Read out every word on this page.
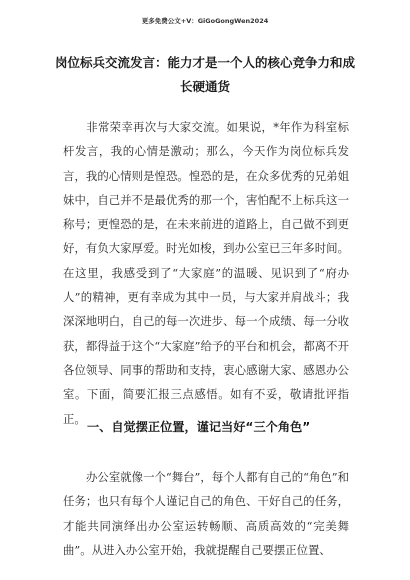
更多免费公文+V：GiGoGongWen2024
岗位标兵交流发言：能力才是一个人的核心竞争力和成长硬通货

非常荣幸再次与大家交流。如果说，*年作为科室标杆发言，我的心情是激动；那么，今天作为岗位标兵发言，我的心情则是惶恐。惶恐的是，在众多优秀的兄弟姐妹中，自己并不是最优秀的那一个，害怕配不上标兵这一称号；更惶恐的是，在未来前进的道路上，自己做不到更好，有负大家厚爱。时光如梭，到办公室已三年多时间。在这里，我感受到了“大家庭”的温暖、见识到了“府办人”的精神，更有幸成为其中一员，与大家并肩战斗；我深深地明白，自己的每一次进步、每一个成绩、每一分收获，都得益于这个“大家庭”给予的平台和机会，都离不开各位领导、同事的帮助和支持，衷心感谢大家、感恩办公室。下面，简要汇报三点感悟。如有不妥，敬请批评指正。

一、自觉摆正位置，谨记当好“三个角色”

办公室就像一个“舞台”，每个人都有自己的“角色”和任务；也只有每个人谨记自己的角色、干好自己的任务，才能共同演绎出办公室运转畅顺、高质高效的“完美舞曲”。从进入办公室开始，我就提醒自己要摆正位置、
